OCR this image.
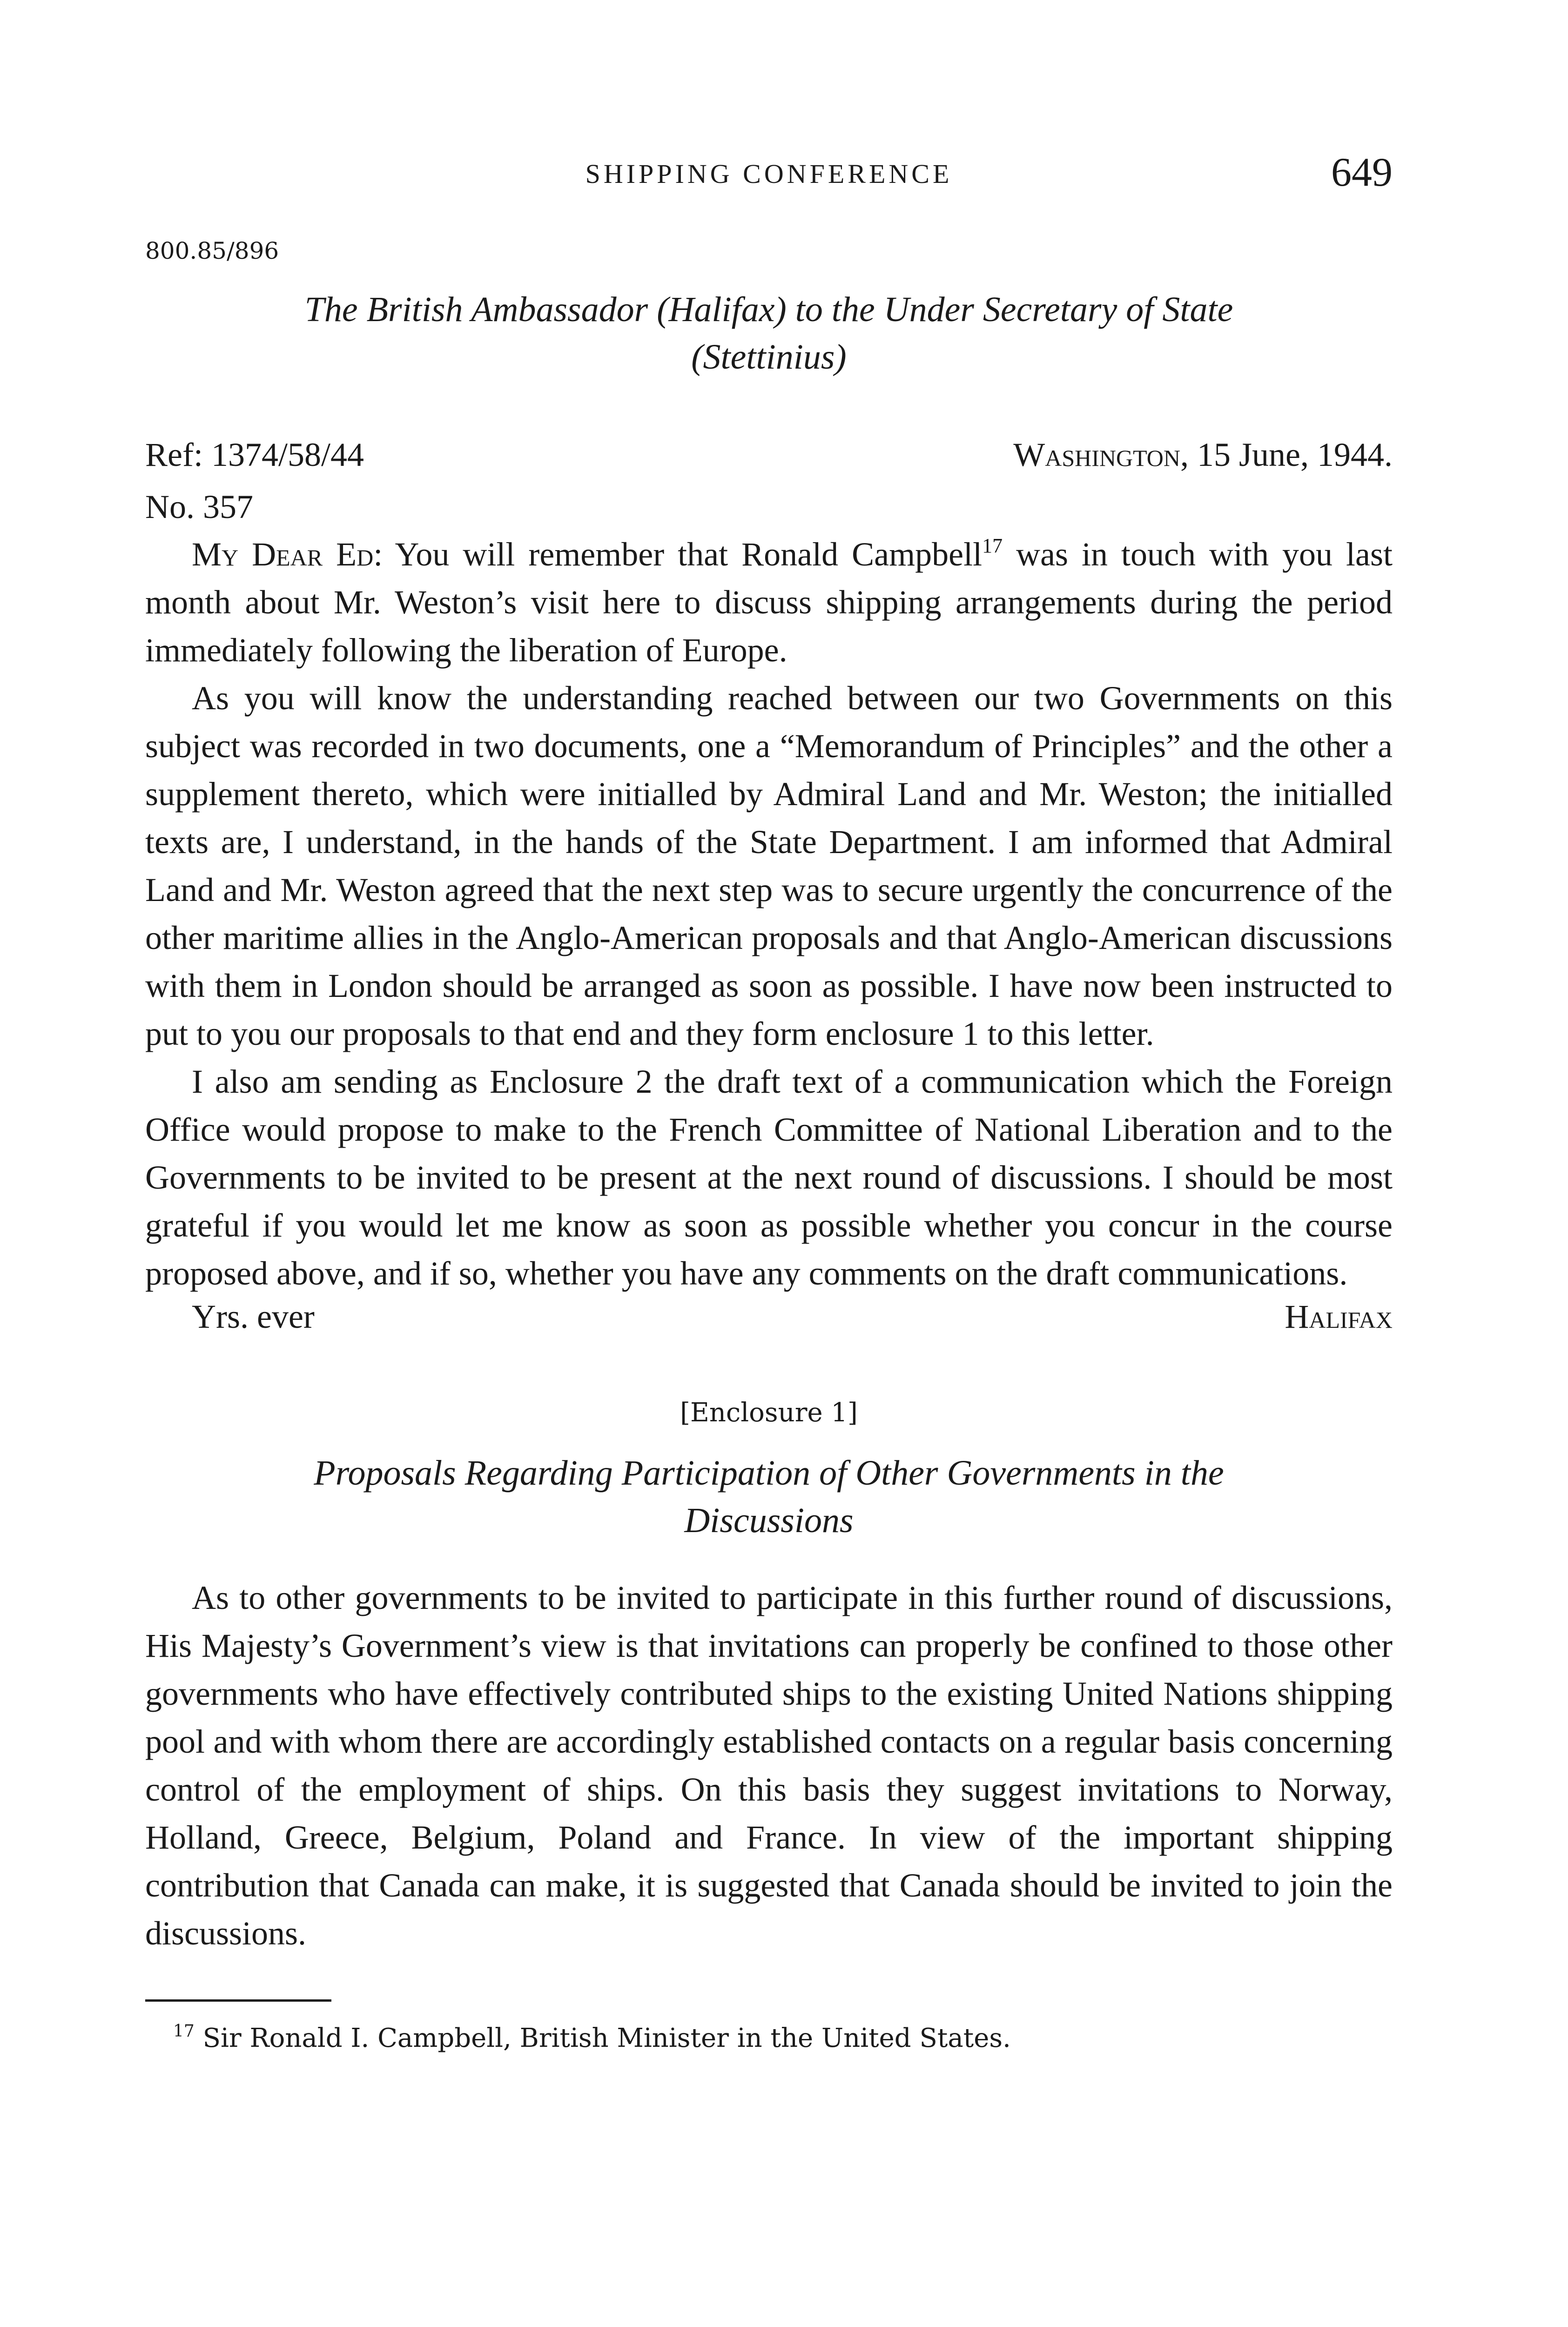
SHIPPING CONFERENCE	649
800.85/896
The British Ambassador (Halifax) to the Under Secretary of State
(Stettinius)
Ref: 1374/58/44	Washington, 15 June, 1944.
No. 357

My Dear Ed: You will remember that Ronald Campbell$^{17}$ was in touch with you last month about Mr. Weston’s visit here to discuss shipping arrangements during the period immediately following the liberation of Europe.

As you will know the understanding reached between our two Governments on this subject was recorded in two documents, one a “Memorandum of Principles” and the other a supplement thereto, which were initialled by Admiral Land and Mr. Weston; the initialled texts are, I understand, in the hands of the State Department. I am informed that Admiral Land and Mr. Weston agreed that the next step was to secure urgently the concurrence of the other maritime allies in the Anglo-American proposals and that Anglo-American discussions with them in London should be arranged as soon as possible. I have now been instructed to put to you our proposals to that end and they form enclosure 1 to this letter.

I also am sending as Enclosure 2 the draft text of a communication which the Foreign Office would propose to make to the French Committee of National Liberation and to the Governments to be invited to be present at the next round of discussions. I should be most grateful if you would let me know as soon as possible whether you concur in the course proposed above, and if so, whether you have any comments on the draft communications.

Yrs. ever	Halifax
[Enclosure 1]
Proposals Regarding Participation of Other Governments in the
Discussions

As to other governments to be invited to participate in this further round of discussions, His Majesty’s Government’s view is that invitations can properly be confined to those other governments who have effectively contributed ships to the existing United Nations shipping pool and with whom there are accordingly established contacts on a regular basis concerning control of the employment of ships. On this basis they suggest invitations to Norway, Holland, Greece, Belgium, Poland and France. In view of the important shipping contribution that Canada can make, it is suggested that Canada should be invited to join the discussions.

$^{17}$ Sir Ronald I. Campbell, British Minister in the United States.
